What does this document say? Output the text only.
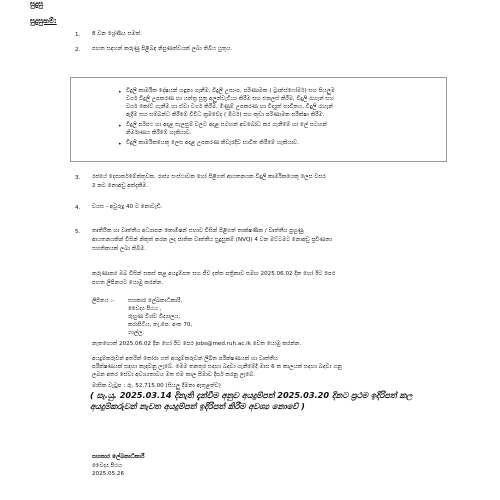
සුදුසු
සුදුසුකම්:
1. 8 වන ශ්‍රේණිය සමත්.
2. පහත සඳහන් කරුණු පිළිබඳ නිපුණත්වයක් ලබා තිබිය යුතුය.
• විදුලි කාර්මික දෝෂයන් හඳුනා ගැනීම, විදුලි උපාංග, පරිණාමක ( ට්‍රාන්ස්ෆෝමර්) සහ සියලුම
වර්ග විදුලි උපකරණ හා යන්ත්‍ර සූත්‍ර අලුත්වැඩියා කිරීම සහ එකලස් කිරීම, විදුලි රැහැන් සහ
වයර් කෝට් ගැනීම හා ඒවා වර්ග කිරීම, මිණුම් උපකරණ හා විද්‍යුත් භාවිතය, විදුලි රැහැන්
ඇදීම සහ සම්බන්ධ කිරීමේ විවිධ ක්‍රමවේද ( මීටර්) සහ කුඩා පරිණාමක පරීක්ෂා කිරීම.
• විදුලි පරිපථ හා අදාළ සැලසුම් වලට අදාළ සටහන් අවබෝධ කර ගැනීමේ හා ලේ සටහන්
නිර්මාණය කිරීමේ හැකියාව.
• විදුලි කාර්මිකයෙකු ලෙස අදාළ උපකරණ නිවැරදිව භාවිත කිරීමේ හැකියාව.
3. රජයේ දෙපාර්තමේන්තුවක, රාජ්‍ය සංස්ථාවක හෝ පිළිගත් ආයතනයක විදුලි කාර්මිකයෙකු ලෙස වසර
2 කට නොඅඩු අත්දැකීම.
4. වයස - අවුරුදු 40 ට නොවැඩි.
5. තෘතීයික හා වෘත්තීය අධ්‍යාපන කොමිෂන් සභාව විසින් පිළිගත් තාක්ෂණික / වෘත්තීය පුහුණු
ආයතනයකින් විසින් නිකුත් කරන ලද ජාතික වෘත්තීය සුදුසුකම් (NVQ) 4 වන මට්ටමට නොඅඩු ප්‍රවීණතා
සහතිකයක් ලබා තිබීම.
කරුණාකර ඔබ විසින් සකස් කළ අයදුම්පත සහ ජීව දත්ත පත්‍රිකාව සමඟ 2025.06.02 දින හෝ ඊට පෙර
පහත ලිපිනයට යොමු කරන්න.
ලිපිනය :- සහකාර ලේඛකාධිකාරී,
වෛද්‍ය පීඨය ,
රුහුණ විශ්ව විද්‍යාලය,
කරාපිටිය, තැ.පෙ. අංක 70,
ගාල්ල.
නැතහොත් 2025.06.02 දින හෝ ඊට පෙර jobs@med.ruh.ac.lk වෙත යොමු කරන්න.
අයදුම්කරුවන් අතරින් තෝරා ගත් අයදුම්කරුවන් ලිඛිත පරීක්ෂණයක් හා වෘත්තීය
පරීක්ෂණයක් සඳහා කැඳවනු ලැබේ. මෙම තනතුර සඳහා බඳවා ගැනීමේදී මාස 6 ක කාලයක් සඳහා බඳවා ගනු
ලබන අතර සේවා අවශ්‍යතාවය මත එම කාල සීමාව දීර්ඝ කරනු ලැබේ.
මාසික වැටුප : රු. 52,715.00 (සියලු දීමනා ඇතුළත්ව)
( සැ.යු. 2025.03.14 දිනැති දැන්වීම අනුව අයදුම්පත් 2025.03.20 දිනට ප්‍රථම ඉදිරිපත් කල අයදුම්කරුවන් නැවත අයදුම්පත් ඉදිරිපත් කිරීම අවශ්‍ය නොවේ )
සහකාර ලේඛකාධිකාරී
වෛද්‍ය පීඨය
2025.05.26
